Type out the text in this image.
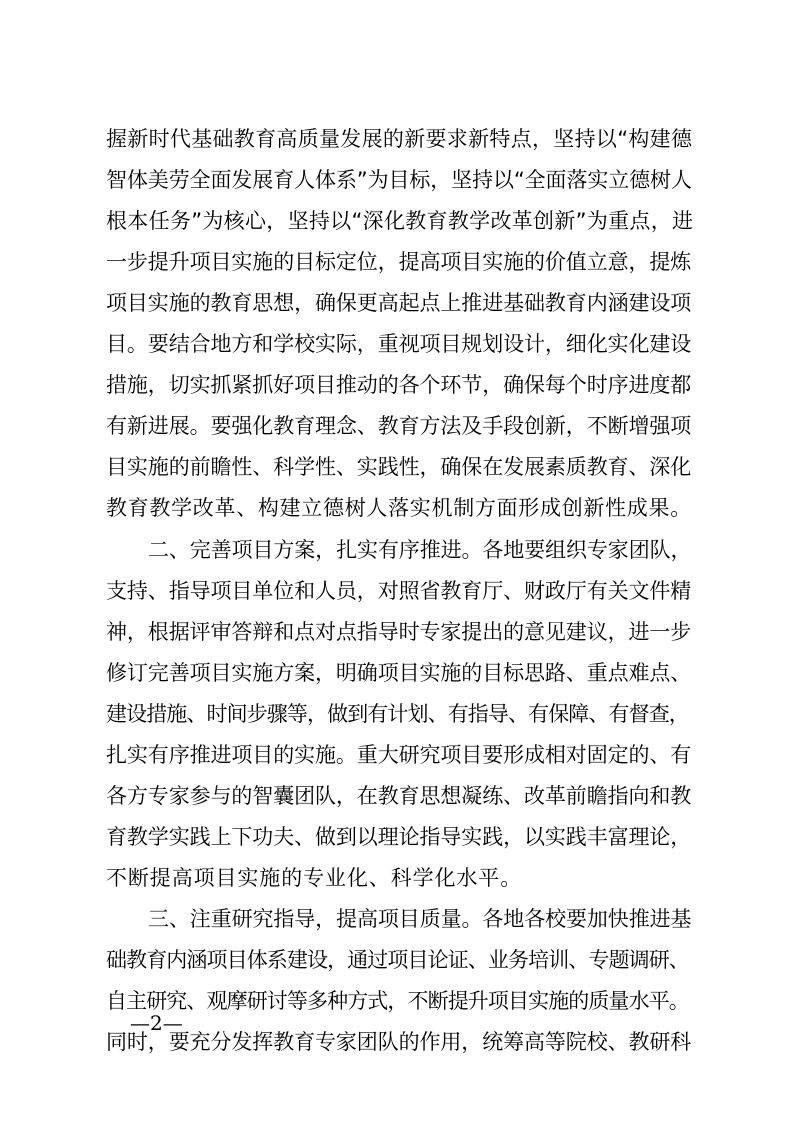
握新时代基础教育高质量发展的新要求新特点，坚持以“构建德
智体美劳全面发展育人体系”为目标，坚持以“全面落实立德树人
根本任务”为核心，坚持以“深化教育教学改革创新”为重点，进
一步提升项目实施的目标定位，提高项目实施的价值立意，提炼
项目实施的教育思想，确保更高起点上推进基础教育内涵建设项
目。要结合地方和学校实际，重视项目规划设计，细化实化建设
措施，切实抓紧抓好项目推动的各个环节，确保每个时序进度都
有新进展。要强化教育理念、教育方法及手段创新，不断增强项
目实施的前瞻性、科学性、实践性，确保在发展素质教育、深化
教育教学改革、构建立德树人落实机制方面形成创新性成果。
二、完善项目方案，扎实有序推进。各地要组织专家团队，
支持、指导项目单位和人员，对照省教育厅、财政厅有关文件精
神，根据评审答辩和点对点指导时专家提出的意见建议，进一步
修订完善项目实施方案，明确项目实施的目标思路、重点难点、
建设措施、时间步骤等，做到有计划、有指导、有保障、有督查，
扎实有序推进项目的实施。重大研究项目要形成相对固定的、有
各方专家参与的智囊团队，在教育思想凝练、改革前瞻指向和教
育教学实践上下功夫、做到以理论指导实践，以实践丰富理论，
不断提高项目实施的专业化、科学化水平。
三、注重研究指导，提高项目质量。各地各校要加快推进基
础教育内涵项目体系建设，通过项目论证、业务培训、专题调研、
自主研究、观摩研讨等多种方式，不断提升项目实施的质量水平。
同时，要充分发挥教育专家团队的作用，统筹高等院校、教研科
—2—
